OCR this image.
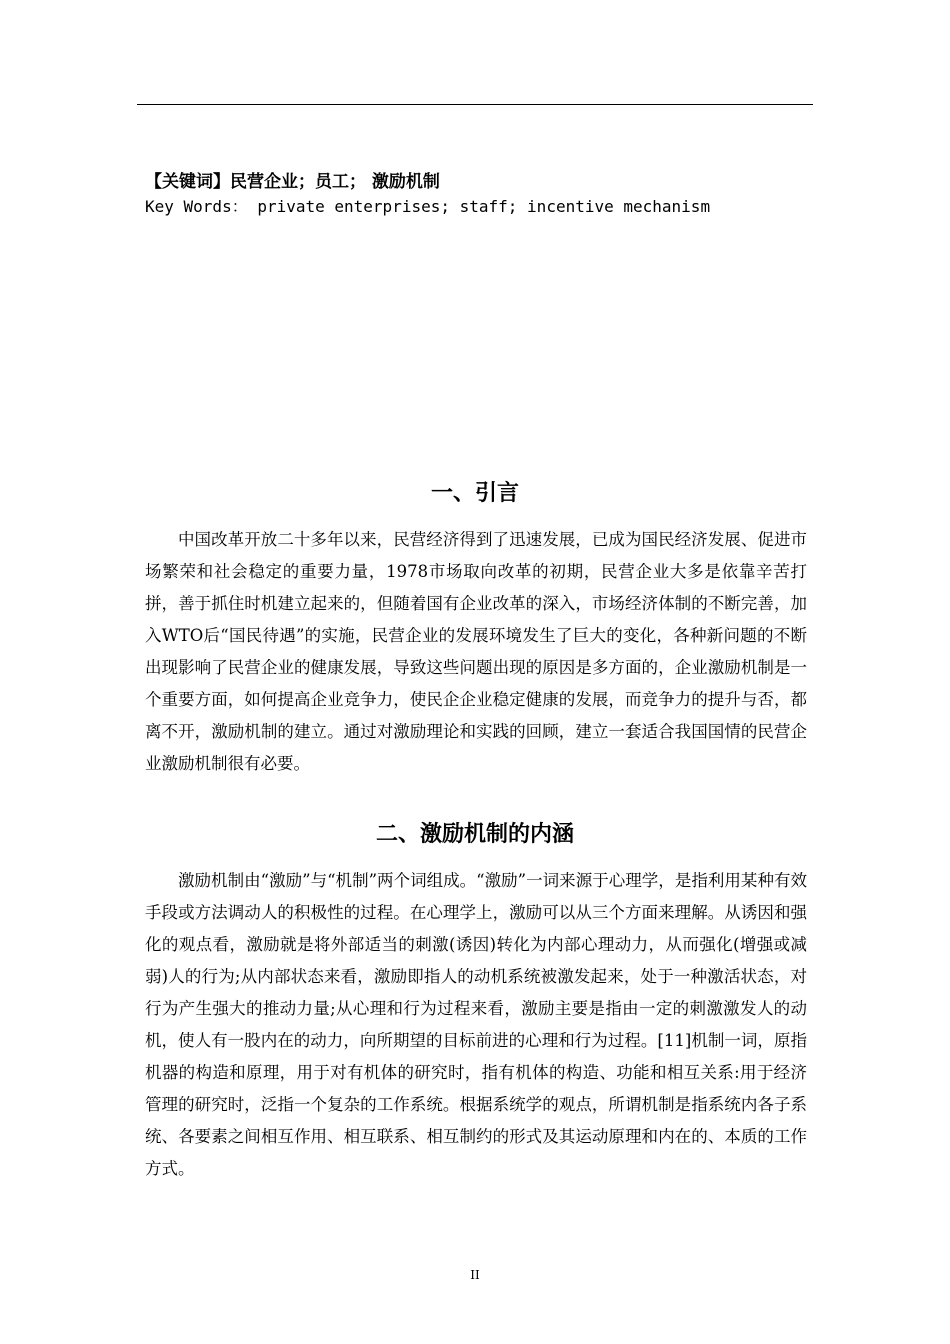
【关键词】民营企业；员工； 激励机制
Key Words： private enterprises; staff; incentive mechanism
一、引言
中国改革开放二十多年以来，民营经济得到了迅速发展，已成为国民经济发展、促进市场繁荣和社会稳定的重要力量，1978市场取向改革的初期，民营企业大多是依靠辛苦打拼，善于抓住时机建立起来的，但随着国有企业改革的深入，市场经济体制的不断完善，加入WTO后“国民待遇”的实施，民营企业的发展环境发生了巨大的变化，各种新问题的不断出现影响了民营企业的健康发展，导致这些问题出现的原因是多方面的，企业激励机制是一个重要方面，如何提高企业竞争力，使民企企业稳定健康的发展，而竞争力的提升与否，都离不开，激励机制的建立。通过对激励理论和实践的回顾，建立一套适合我国国情的民营企业激励机制很有必要。
二、激励机制的内涵
激励机制由“激励”与“机制”两个词组成。“激励”一词来源于心理学，是指利用某种有效手段或方法调动人的积极性的过程。在心理学上，激励可以从三个方面来理解。从诱因和强化的观点看，激励就是将外部适当的刺激(诱因)转化为内部心理动力，从而强化(增强或减弱)人的行为;从内部状态来看，激励即指人的动机系统被激发起来，处于一种激活状态，对行为产生强大的推动力量;从心理和行为过程来看，激励主要是指由一定的刺激激发人的动机，使人有一股内在的动力，向所期望的目标前进的心理和行为过程。[11]机制一词，原指机器的构造和原理，用于对有机体的研究时，指有机体的构造、功能和相互关系:用于经济管理的研究时，泛指一个复杂的工作系统。根据系统学的观点，所谓机制是指系统内各子系统、各要素之间相互作用、相互联系、相互制约的形式及其运动原理和内在的、本质的工作方式。
II
